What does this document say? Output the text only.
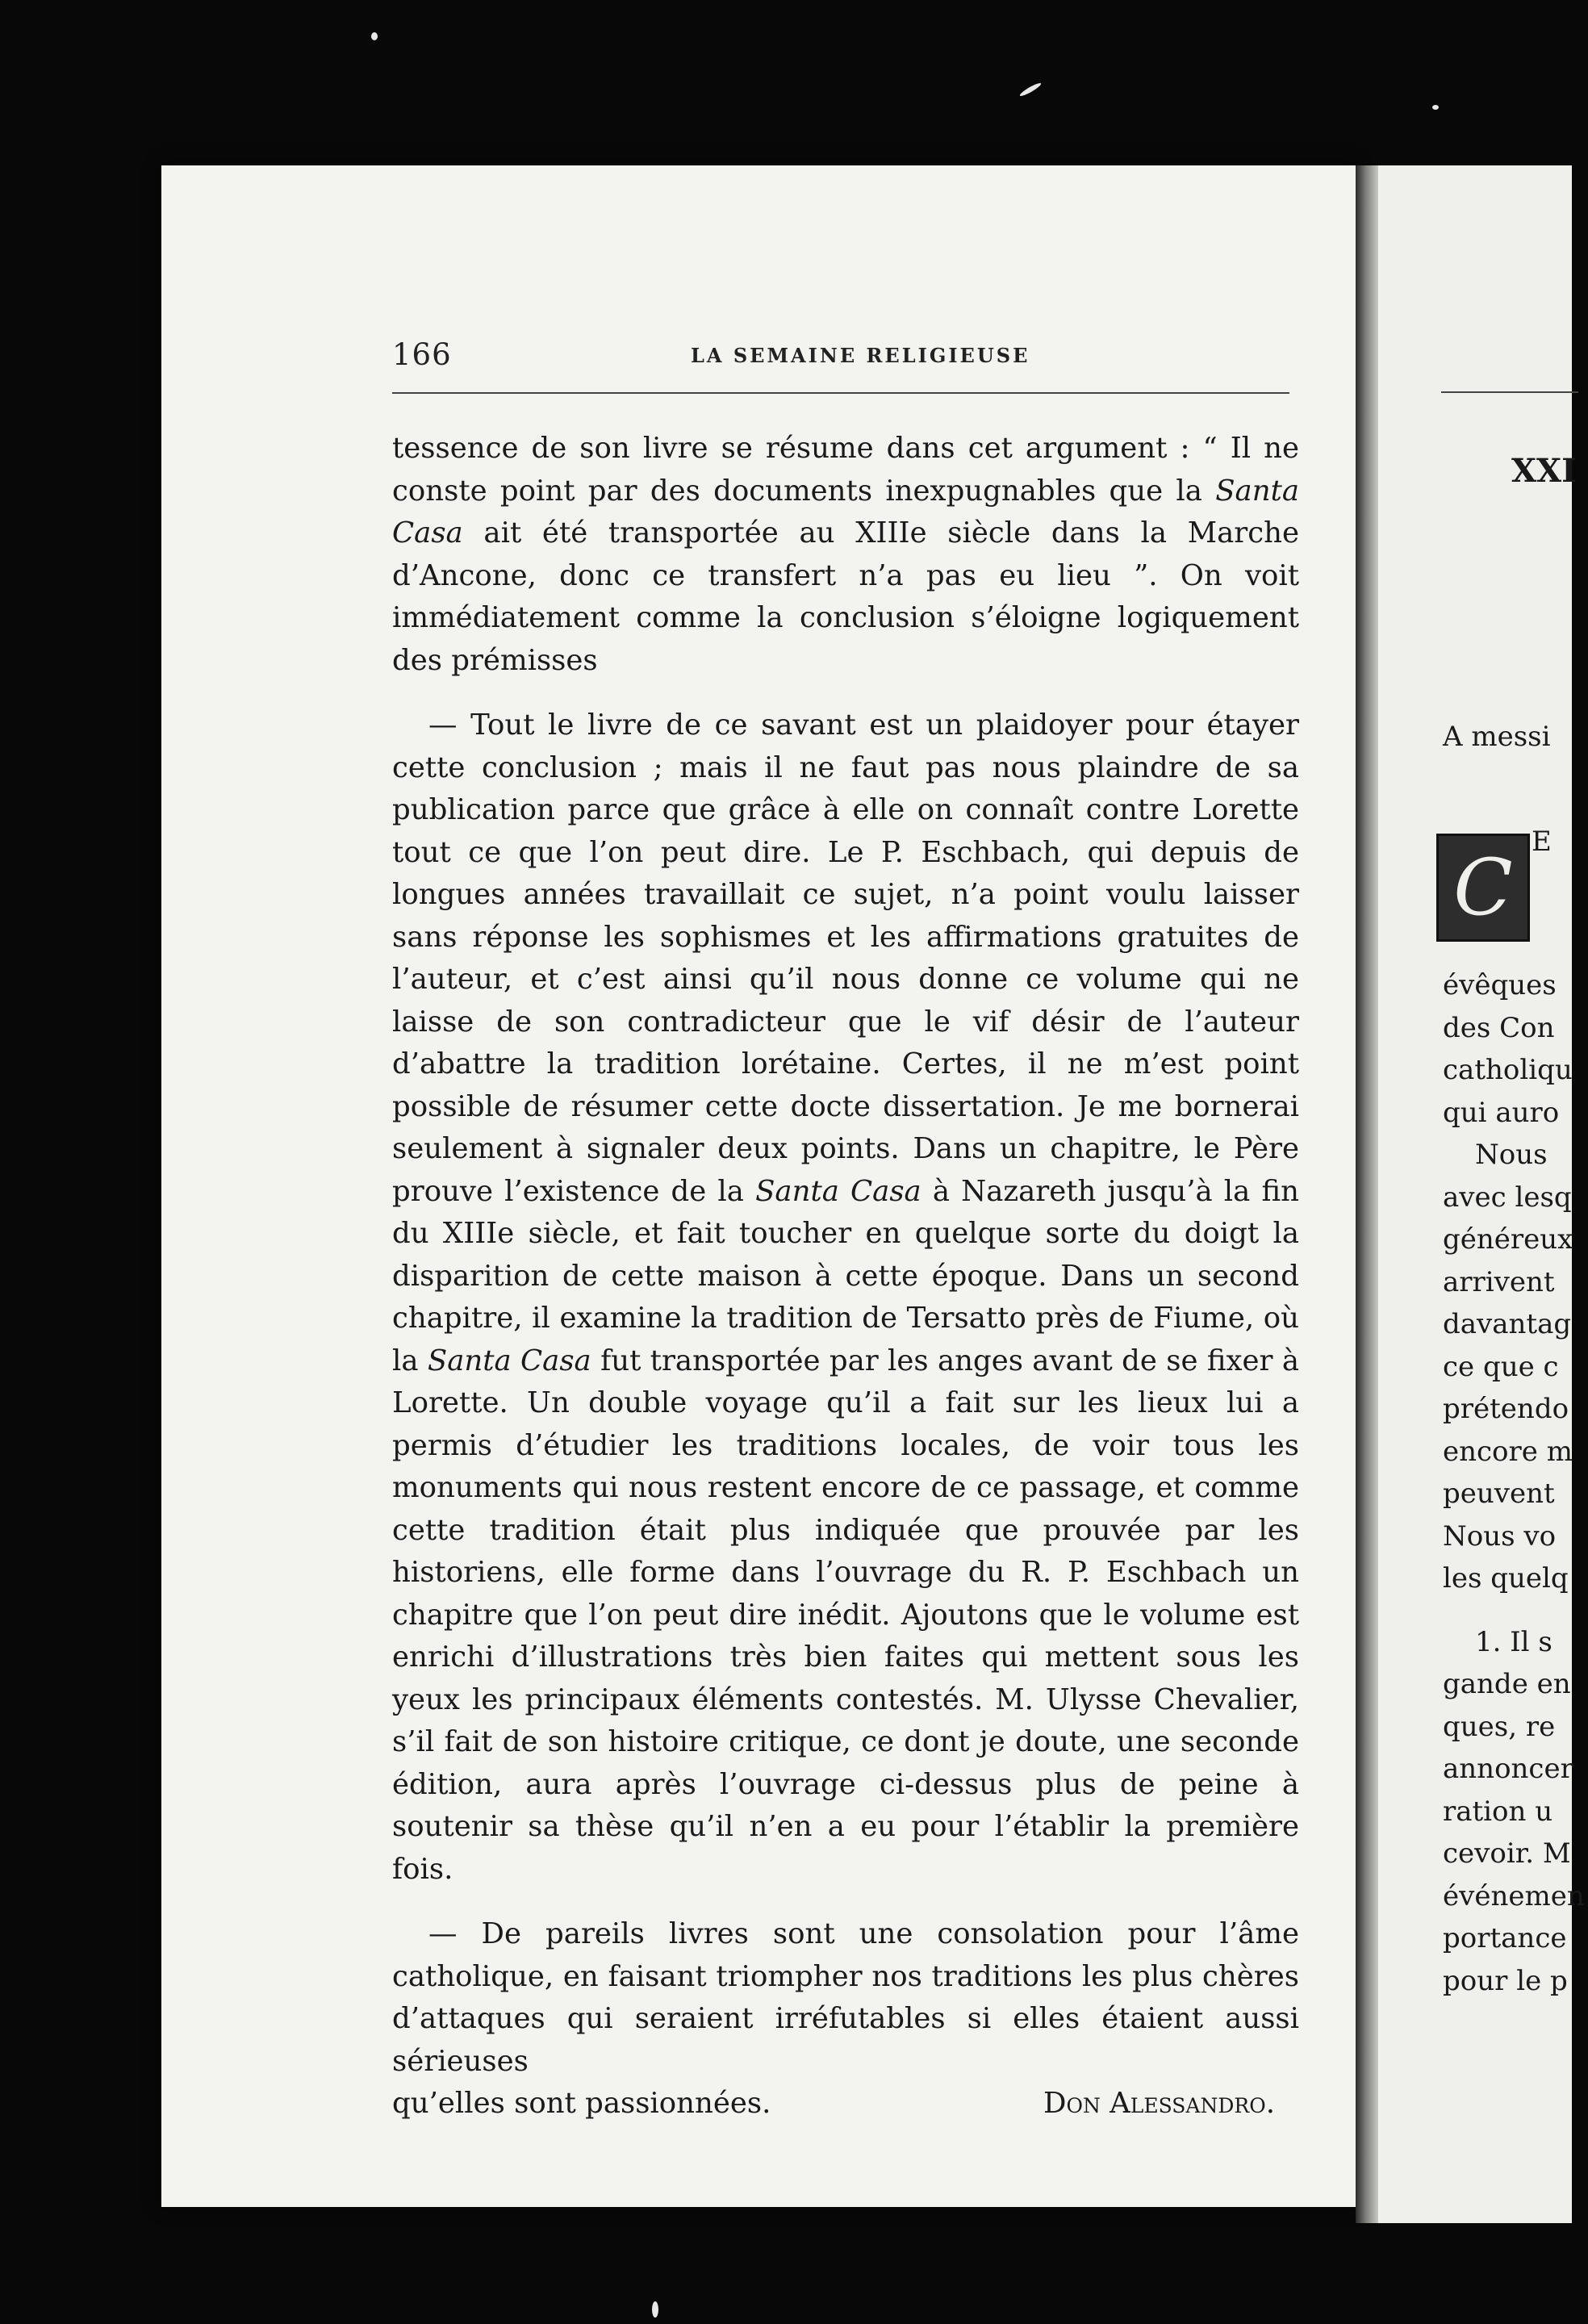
XXI
A messi
C
E
évêques
des Con
catholiqu
qui auro
Nous
avec lesq
généreux
arrivent
davantag
ce que c
prétendo
encore m
peuvent
Nous vo
les quelq
1. Il s
gande en
ques, re
annoncer
ration u
cevoir. M
événemen
portance
pour le p
166	LA SEMAINE RELIGIEUSE

tessence de son livre se résume dans cet argument : “ Il ne conste point par des documents inexpugnables que la Santa Casa ait été transportée au XIIIe siècle dans la Marche d’Ancone, donc ce transfert n’a pas eu lieu ”. On voit immédiatement comme la conclusion s’éloigne logiquement des prémisses

— Tout le livre de ce savant est un plaidoyer pour étayer cette conclusion ; mais il ne faut pas nous plaindre de sa publication parce que grâce à elle on connaît contre Lorette tout ce que l’on peut dire. Le P. Eschbach, qui depuis de longues années travaillait ce sujet, n’a point voulu laisser sans réponse les sophismes et les affirmations gratuites de l’auteur, et c’est ainsi qu’il nous donne ce volume qui ne laisse de son contradicteur que le vif désir de l’auteur d’abattre la tradition lorétaine. Certes, il ne m’est point possible de résumer cette docte dissertation. Je me bornerai seulement à signaler deux points. Dans un chapitre, le Père prouve l’existence de la Santa Casa à Nazareth jusqu’à la fin du XIIIe siècle, et fait toucher en quelque sorte du doigt la disparition de cette maison à cette époque. Dans un second chapitre, il examine la tradition de Tersatto près de Fiume, où la Santa Casa fut transportée par les anges avant de se fixer à Lorette. Un double voyage qu’il a fait sur les lieux lui a permis d’étudier les traditions locales, de voir tous les monuments qui nous restent encore de ce passage, et comme cette tradition était plus indiquée que prouvée par les historiens, elle forme dans l’ouvrage du R. P. Eschbach un chapitre que l’on peut dire inédit. Ajoutons que le volume est enrichi d’illustrations très bien faites qui mettent sous les yeux les principaux éléments contestés. M. Ulysse Chevalier, s’il fait de son histoire critique, ce dont je doute, une seconde édition, aura après l’ouvrage ci-dessus plus de peine à soutenir sa thèse qu’il n’en a eu pour l’établir la première fois.

— De pareils livres sont une consolation pour l’âme catholique, en faisant triompher nos traditions les plus chères d’attaques qui seraient irréfutables si elles étaient aussi sérieuses

qu’elles sont passionnées.	Don Alessandro.
